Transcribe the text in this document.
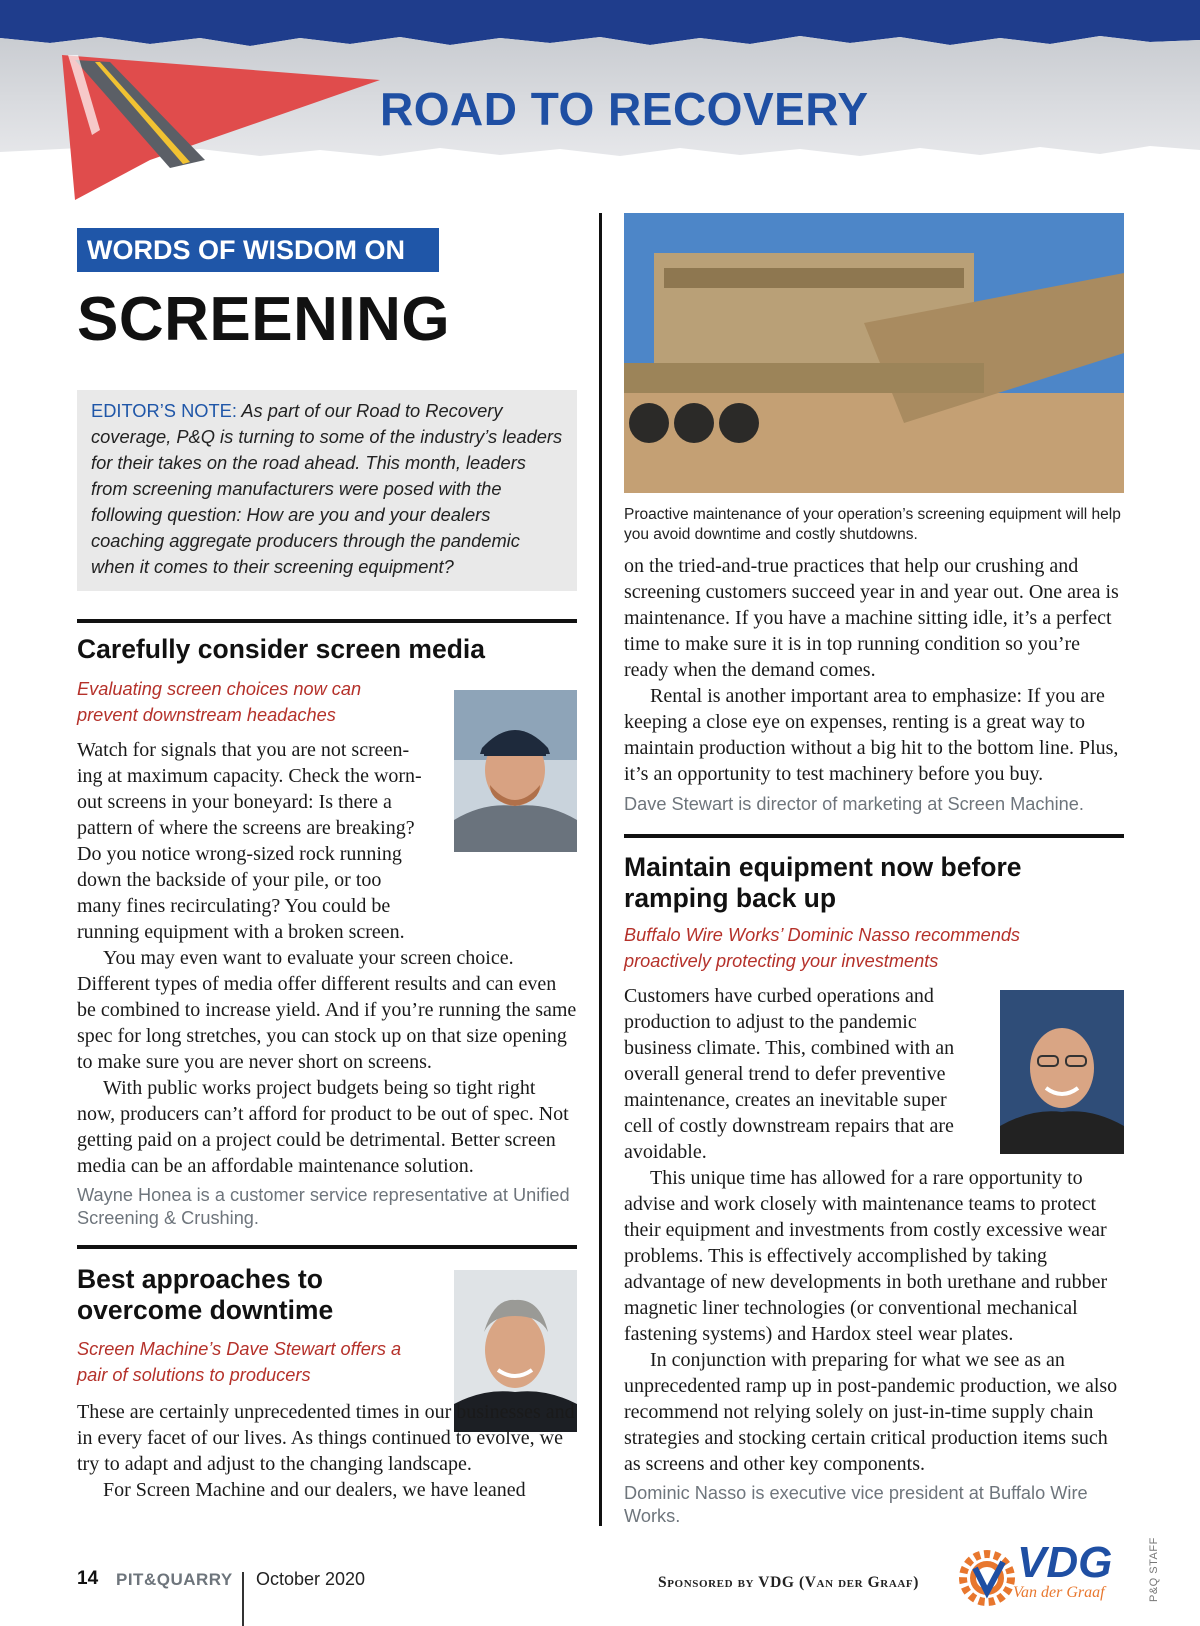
ROAD TO RECOVERY
WORDS OF WISDOM ON
SCREENING
EDITOR’S NOTE: As part of our Road to Recovery coverage, P&Q is turning to some of the industry’s leaders for their takes on the road ahead. This month, leaders from screening manufacturers were posed with the following question: How are you and your dealers coaching aggregate producers through the pandemic when it comes to their screening equipment?
Carefully consider screen media
Evaluating screen choices now can prevent downstream headaches

Watch for signals that you are not screen-ing at maximum capacity. Check the worn-out screens in your boneyard: Is there a pattern of where the screens are breaking? Do you notice wrong-sized rock running down the backside of your pile, or too many fines recirculating? You could be running equipment with a broken screen.

You may even want to evaluate your screen choice. Different types of media offer different results and can even be combined to increase yield. And if you’re running the same spec for long stretches, you can stock up on that size opening to make sure you are never short on screens.

With public works project budgets being so tight right now, producers can’t afford for product to be out of spec. Not getting paid on a project could be detrimental. Better screen media can be an affordable maintenance solution.

Wayne Honea is a customer service representative at Unified Screening & Crushing.
Best approaches to overcome downtime
Screen Machine’s Dave Stewart offers a pair of solutions to producers

These are certainly unprecedented times in our businesses and in every facet of our lives. As things continued to evolve, we try to adapt and adjust to the changing landscape.

For Screen Machine and our dealers, we have leaned

Proactive maintenance of your operation’s screening equipment will help you avoid downtime and costly shutdowns.

on the tried-and-true practices that help our crushing and screening customers succeed year in and year out. One area is maintenance. If you have a machine sitting idle, it’s a perfect time to make sure it is in top running condition so you’re ready when the demand comes.

Rental is another important area to emphasize: If you are keeping a close eye on expenses, renting is a great way to maintain production without a big hit to the bottom line. Plus, it’s an opportunity to test machinery before you buy.

Dave Stewart is director of marketing at Screen Machine.
Maintain equipment now before ramping back up
Buffalo Wire Works’ Dominic Nasso recommends proactively protecting your investments

Customers have curbed operations and production to adjust to the pandemic business climate. This, combined with an overall general trend to defer preventive maintenance, creates an inevitable super cell of costly downstream repairs that are avoidable.

This unique time has allowed for a rare opportunity to advise and work closely with maintenance teams to protect their equipment and investments from costly excessive wear problems. This is effectively accomplished by taking advantage of new developments in both urethane and rubber magnetic liner technologies (or conventional mechanical fastening systems) and Hardox steel wear plates.

In conjunction with preparing for what we see as an unprecedented ramp up in post-pandemic production, we also recommend not relying solely on just-in-time supply chain strategies and stocking certain critical production items such as screens and other key components.

Dominic Nasso is executive vice president at Buffalo Wire Works.
P&Q STAFF
14 PIT&QUARRY October 2020	Sponsored by VDG (Van der Graaf) VDG
Van der Graaf
